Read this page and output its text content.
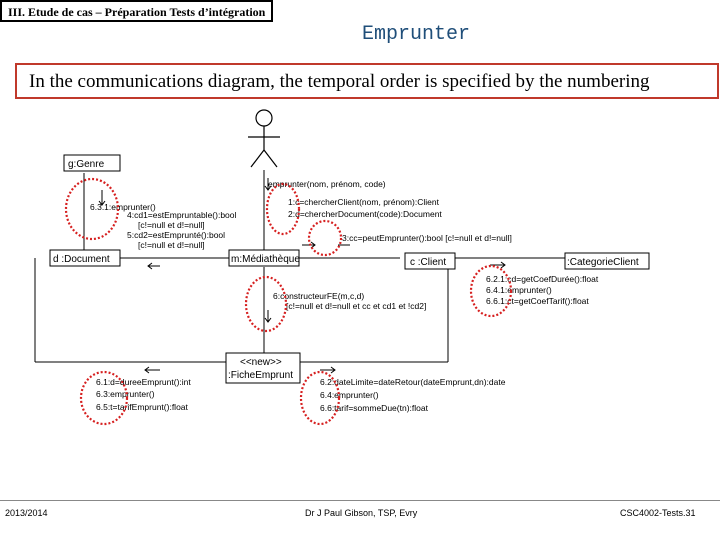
III. Etude de cas – Préparation Tests d’intégration
Emprunter
In the communications diagram, the temporal order is specified by the numbering
g:Genre
d :Document	m:Médiathèque	c :Client	:CategorieClient
<<new>>
:FicheEmprunt
emprunter(nom, prénom, code)
1:c=chercherClient(nom, prénom):Client
2:d=chercherDocument(code):Document
3:cc=peutEmprunter():bool [c!=null et d!=null]
6.3.1:emprunter()
4:cd1=estEmpruntable():bool
[c!=null et d!=null]
5:cd2=estEmprunté():bool
[c!=null et d!=null]
6:constructeurFE(m,c,d)
[c!=null et d!=null et cc et cd1 et !cd2]
6.2.1:cd=getCoefDurée():float
6.4.1:emprunter()
6.6.1:ct=getCoefTarif():float
6.1:d=dureeEmprunt():int
6.3:emprunter()
6.5:t=tarifEmprunt():float
6.2:dateLimite=dateRetour(dateEmprunt,dn):date
6.4:emprunter()
6.6:tarif=sommeDue(tn):float
2013/2014	Dr J Paul Gibson, TSP, Evry	CSC4002-Tests.31
